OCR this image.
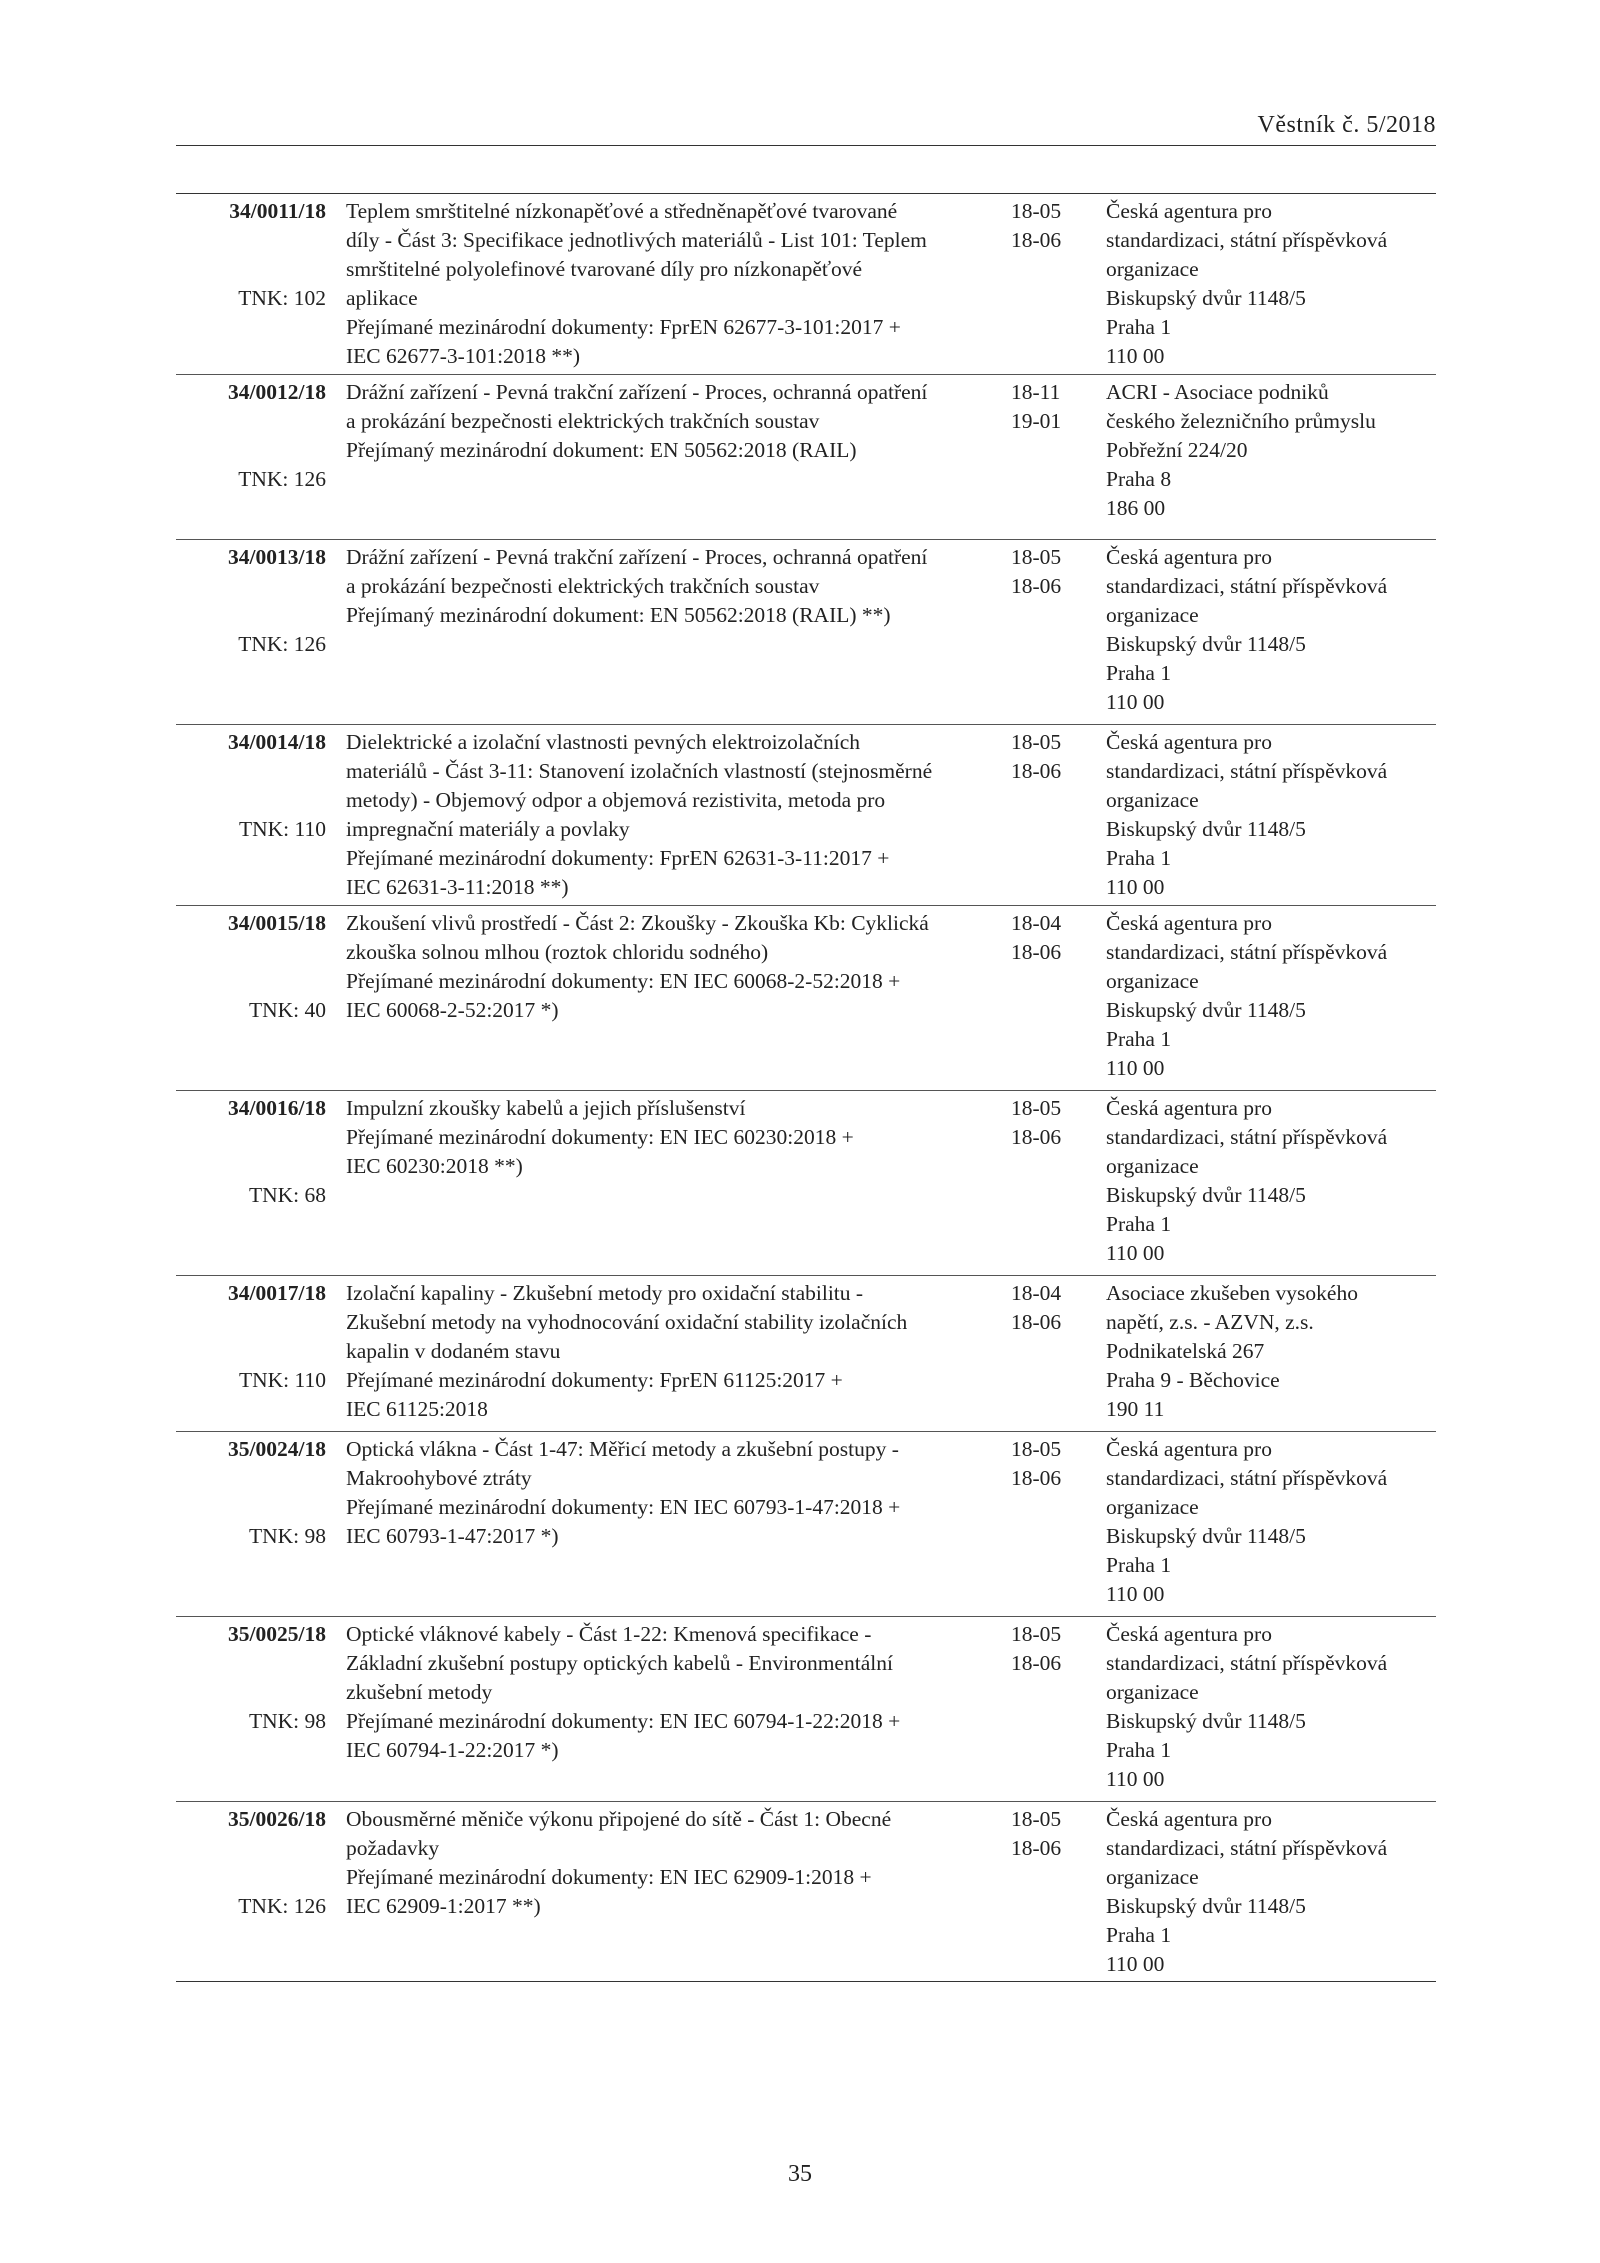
Věstník č. 5/2018
34/0011/18
TNK: 102
Teplem smrštitelné nízkonapěťové a středněnapěťové tvarované
díly - Část 3: Specifikace jednotlivých materiálů - List 101: Teplem
smrštitelné polyolefinové tvarované díly pro nízkonapěťové
aplikace
Přejímané mezinárodní dokumenty: FprEN 62677-3-101:2017 +
IEC 62677-3-101:2018 **)
18-05
18-06
Česká agentura pro
standardizaci, státní příspěvková
organizace
Biskupský dvůr 1148/5
Praha 1
110 00
34/0012/18
TNK: 126
Drážní zařízení - Pevná trakční zařízení - Proces, ochranná opatření
a prokázání bezpečnosti elektrických trakčních soustav
Přejímaný mezinárodní dokument: EN 50562:2018 (RAIL)
18-11
19-01
ACRI - Asociace podniků
českého železničního průmyslu
Pobřežní 224/20
Praha 8
186 00
34/0013/18
TNK: 126
Drážní zařízení - Pevná trakční zařízení - Proces, ochranná opatření
a prokázání bezpečnosti elektrických trakčních soustav
Přejímaný mezinárodní dokument: EN 50562:2018 (RAIL) **)
18-05
18-06
Česká agentura pro
standardizaci, státní příspěvková
organizace
Biskupský dvůr 1148/5
Praha 1
110 00
34/0014/18
TNK: 110
Dielektrické a izolační vlastnosti pevných elektroizolačních
materiálů - Část 3-11: Stanovení izolačních vlastností (stejnosměrné
metody) - Objemový odpor a objemová rezistivita, metoda pro
impregnační materiály a povlaky
Přejímané mezinárodní dokumenty: FprEN 62631-3-11:2017 +
IEC 62631-3-11:2018 **)
18-05
18-06
Česká agentura pro
standardizaci, státní příspěvková
organizace
Biskupský dvůr 1148/5
Praha 1
110 00
34/0015/18
TNK: 40
Zkoušení vlivů prostředí - Část 2: Zkoušky - Zkouška Kb: Cyklická
zkouška solnou mlhou (roztok chloridu sodného)
Přejímané mezinárodní dokumenty: EN IEC 60068-2-52:2018 +
IEC 60068-2-52:2017 *)
18-04
18-06
Česká agentura pro
standardizaci, státní příspěvková
organizace
Biskupský dvůr 1148/5
Praha 1
110 00
34/0016/18
TNK: 68
Impulzní zkoušky kabelů a jejich příslušenství
Přejímané mezinárodní dokumenty: EN IEC 60230:2018 +
IEC 60230:2018 **)
18-05
18-06
Česká agentura pro
standardizaci, státní příspěvková
organizace
Biskupský dvůr 1148/5
Praha 1
110 00
34/0017/18
TNK: 110
Izolační kapaliny - Zkušební metody pro oxidační stabilitu -
Zkušební metody na vyhodnocování oxidační stability izolačních
kapalin v dodaném stavu
Přejímané mezinárodní dokumenty: FprEN 61125:2017 +
IEC 61125:2018
18-04
18-06
Asociace zkušeben vysokého
napětí, z.s. - AZVN, z.s.
Podnikatelská 267
Praha 9 - Běchovice
190 11
35/0024/18
TNK: 98
Optická vlákna - Část 1-47: Měřicí metody a zkušební postupy -
Makroohybové ztráty
Přejímané mezinárodní dokumenty: EN IEC 60793-1-47:2018 +
IEC 60793-1-47:2017 *)
18-05
18-06
Česká agentura pro
standardizaci, státní příspěvková
organizace
Biskupský dvůr 1148/5
Praha 1
110 00
35/0025/18
TNK: 98
Optické vláknové kabely - Část 1-22: Kmenová specifikace -
Základní zkušební postupy optických kabelů - Environmentální
zkušební metody
Přejímané mezinárodní dokumenty: EN IEC 60794-1-22:2018 +
IEC 60794-1-22:2017 *)
18-05
18-06
Česká agentura pro
standardizaci, státní příspěvková
organizace
Biskupský dvůr 1148/5
Praha 1
110 00
35/0026/18
TNK: 126
Obousměrné měniče výkonu připojené do sítě - Část 1: Obecné
požadavky
Přejímané mezinárodní dokumenty: EN IEC 62909-1:2018 +
IEC 62909-1:2017 **)
18-05
18-06
Česká agentura pro
standardizaci, státní příspěvková
organizace
Biskupský dvůr 1148/5
Praha 1
110 00
35
